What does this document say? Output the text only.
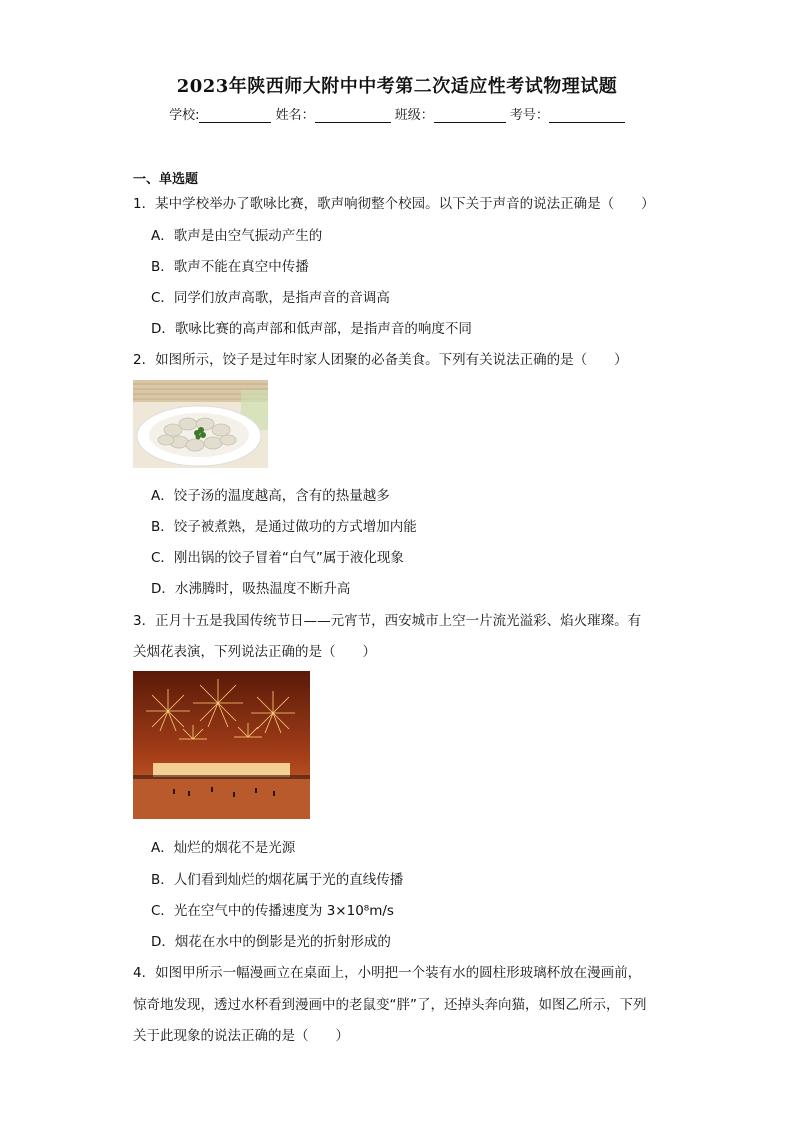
2023年陕西师大附中中考第二次适应性考试物理试题
学校:	姓名：	班级：	考号：
一、单选题
1．某中学校举办了歌咏比赛，歌声响彻整个校园。以下关于声音的说法正确是（　　）
A．歌声是由空气振动产生的
B．歌声不能在真空中传播
C．同学们放声高歌，是指声音的音调高
D．歌咏比赛的高声部和低声部，是指声音的响度不同
2．如图所示，饺子是过年时家人团聚的必备美食。下列有关说法正确的是（　　）
A．饺子汤的温度越高，含有的热量越多
B．饺子被煮熟，是通过做功的方式增加内能
C．刚出锅的饺子冒着“白气”属于液化现象
D．水沸腾时，吸热温度不断升高
3．正月十五是我国传统节日——元宵节，西安城市上空一片流光溢彩、焰火璀璨。有
关烟花表演，下列说法正确的是（　　）
A．灿烂的烟花不是光源
B．人们看到灿烂的烟花属于光的直线传播
C．光在空气中的传播速度为 3×10⁸m/s
D．烟花在水中的倒影是光的折射形成的
4．如图甲所示一幅漫画立在桌面上，小明把一个装有水的圆柱形玻璃杯放在漫画前，
惊奇地发现，透过水杯看到漫画中的老鼠变“胖”了，还掉头奔向猫，如图乙所示，下列
关于此现象的说法正确的是（　　）
